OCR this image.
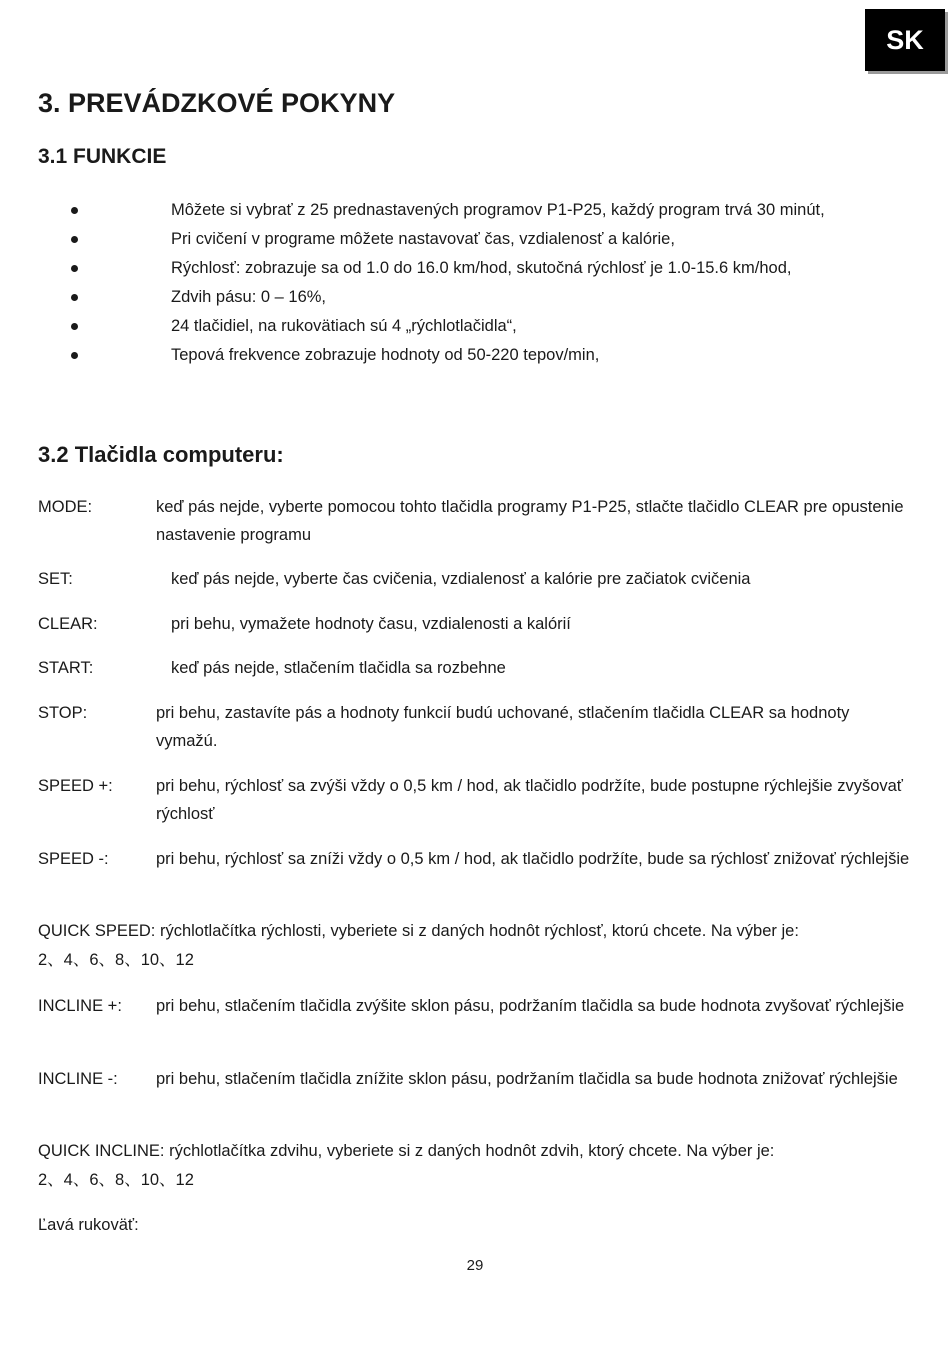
SK
3. PREVÁDZKOVÉ POKYNY
3.1 FUNKCIE
Môžete si vybrať z 25 prednastavených programov P1-P25, každý program trvá 30 minút,
Pri cvičení v programe môžete nastavovať čas, vzdialenosť a kalórie,
Rýchlosť: zobrazuje sa od 1.0 do 16.0 km/hod, skutočná rýchlosť je 1.0-15.6 km/hod,
Zdvih pásu: 0 – 16%,
24 tlačidiel, na rukovätiach sú 4 „rýchlotlačidla“,
Tepová frekvence zobrazuje hodnoty od 50-220 tepov/min,
3.2 Tlačidla computeru:
MODE:	keď pás nejde, vyberte pomocou tohto tlačidla programy P1-P25, stlačte tlačidlo CLEAR pre opustenie nastavenie programu
SET:	keď pás nejde, vyberte čas cvičenia, vzdialenosť a kalórie pre začiatok cvičenia
CLEAR:	pri behu, vymažete hodnoty času, vzdialenosti a kalórií
START:	keď pás nejde, stlačením tlačidla sa rozbehne
STOP:	pri behu, zastavíte pás a hodnoty funkcií budú uchované, stlačením tlačidla CLEAR sa hodnoty vymažú.
SPEED +:	pri behu, rýchlosť sa zvýši vždy o 0,5 km / hod, ak tlačidlo podržíte, bude postupne rýchlejšie zvyšovať rýchlosť
SPEED -:	pri behu, rýchlosť sa zníži vždy o 0,5 km / hod, ak tlačidlo podržíte, bude sa rýchlosť znižovať rýchlejšie
QUICK SPEED: rýchlotlačítka rýchlosti, vyberiete si z daných hodnôt rýchlosť, ktorú chcete. Na výber je:
2、4、6、8、10、12
INCLINE +: pri behu, stlačením tlačidla zvýšite sklon pásu, podržaním tlačidla sa bude hodnota zvyšovať rýchlejšie
INCLINE -: pri behu, stlačením tlačidla znížite sklon pásu, podržaním tlačidla sa bude hodnota znižovať rýchlejšie
QUICK INCLINE: rýchlotlačítka zdvihu, vyberiete si z daných hodnôt zdvih, ktorý chcete. Na výber je:
2、4、6、8、10、12
Ľavá rukoväť:
29
